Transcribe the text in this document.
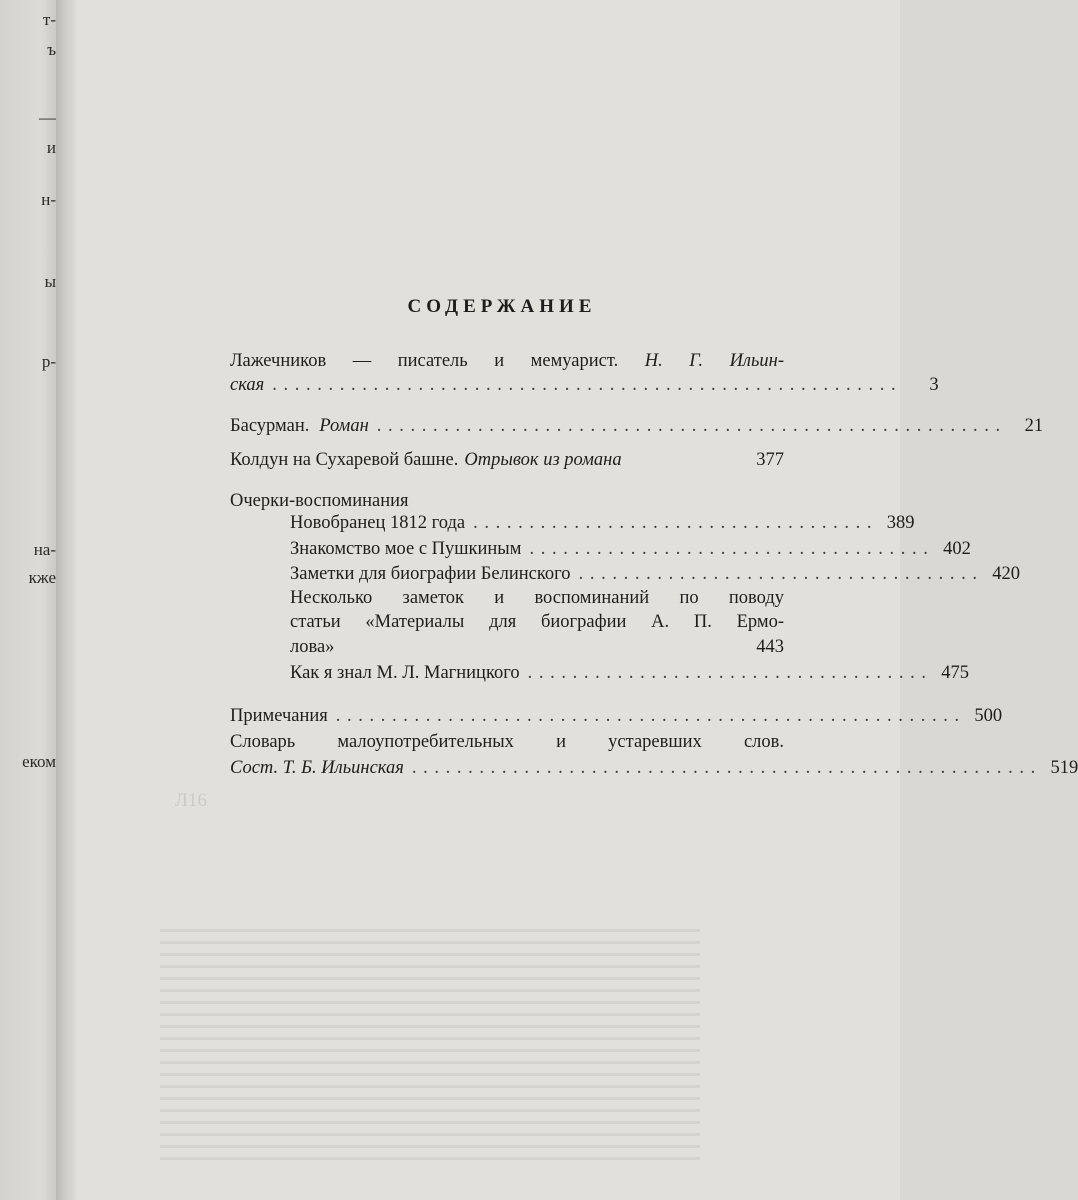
т-
ъ
—
и
н-
ы
р-
на-
кже
еком
Л16
СОДЕРЖАНИЕ
Лажечников — писатель и мемуарист. Н. Г. Ильин-
ская . . . . . . . . . . . . . . . . . . . . . . . . . . . . . . . . . . . . . . . . . . . . . . . . . . . . . . . .	3
Басурман. Роман . . . . . . . . . . . . . . . . . . . . . . . . . . . . . . . . . . . . . . . . . . . . . . . . . . . . . . . .	21
Колдун на Сухаревой башне. Отрывок из романа	377
Очерки-воспоминания
Новобранец 1812 года . . . . . . . . . . . . . . . . . . . . . . . . . . . . . . . . . . . . 389
Знакомство мое с Пушкиным . . . . . . . . . . . . . . . . . . . . . . . . . . . . . . . . . . . . 402
Заметки для биографии Белинского . . . . . . . . . . . . . . . . . . . . . . . . . . . . . . . . . . . . 420
Несколько заметок и воспоминаний по поводу
статьи «Материалы для биографии А. П. Ермо-
лова»	443
Как я знал М. Л. Магницкого . . . . . . . . . . . . . . . . . . . . . . . . . . . . . . . . . . . . 475
Примечания . . . . . . . . . . . . . . . . . . . . . . . . . . . . . . . . . . . . . . . . . . . . . . . . . . . . . . . . 500
Словарь малоупотребительных и устаревших слов.
Сост. Т. Б. Ильинская . . . . . . . . . . . . . . . . . . . . . . . . . . . . . . . . . . . . . . . . . . . . . . . . . . . . . . . . 519
